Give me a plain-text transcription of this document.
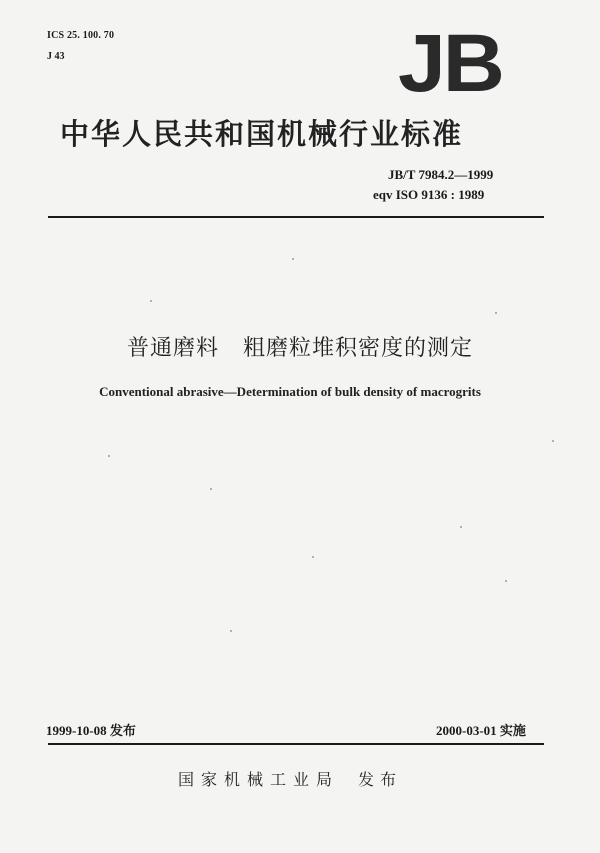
ICS 25. 100. 70
J 43	JB
中华人民共和国机械行业标准
JB/T 7984.2—1999
eqv ISO 9136 : 1989
普通磨料   粗磨粒堆积密度的测定
Conventional abrasive—Determination of bulk density of macrogrits
1999-10-08 发布	2000-03-01 实施
国家机械工业局 发布
